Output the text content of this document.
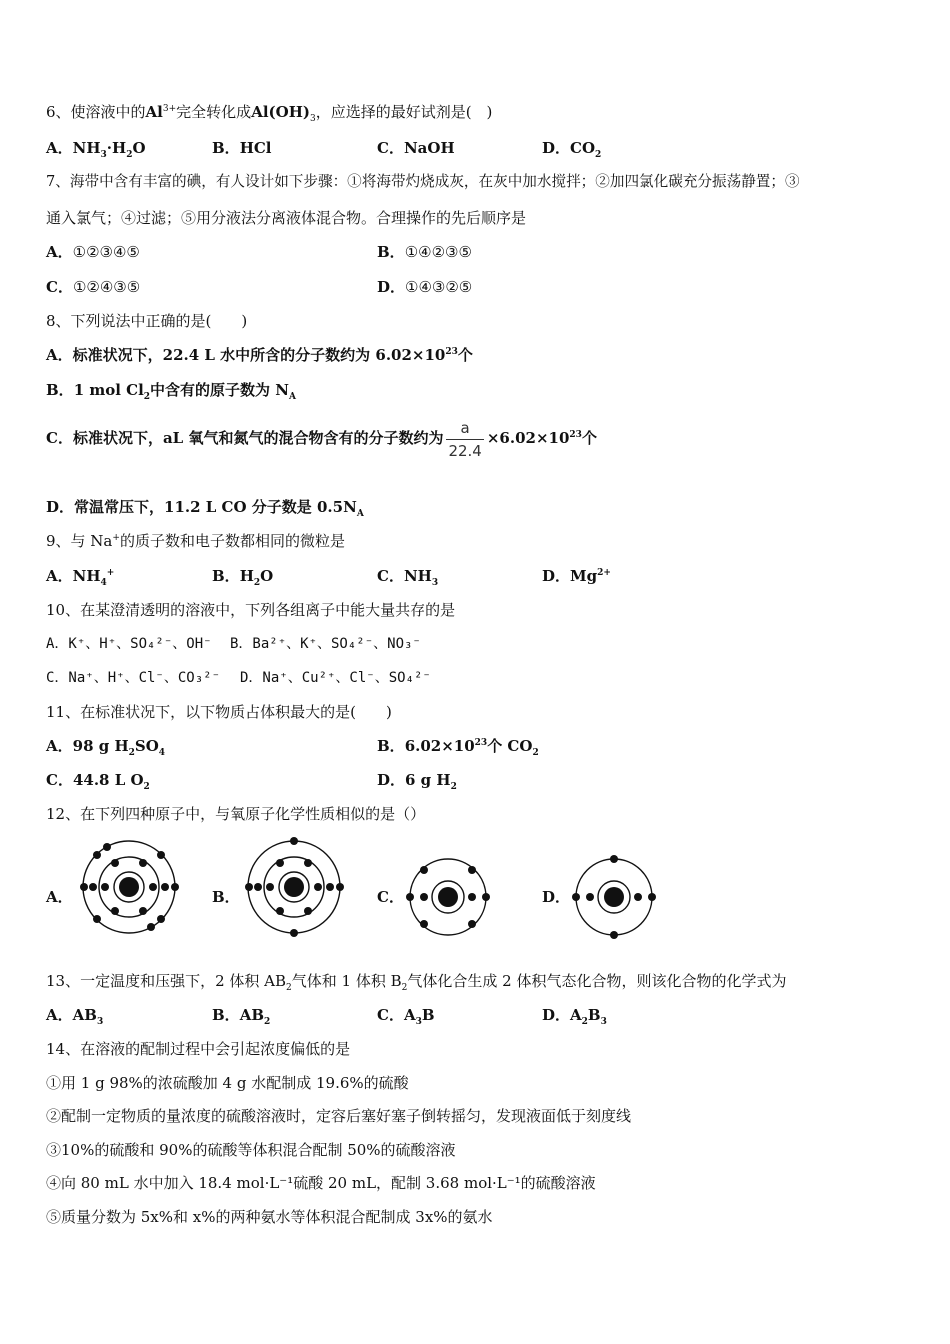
6、使溶液中的$Al^{3+}$完全转化成$Al(OH)_3$，应选择的最好试剂是(　)
A．$NH_3\cdot H_2O$	B．HCl	C．NaOH	D．$CO_2$
7、海带中含有丰富的碘，有人设计如下步骤：①将海带灼烧成灰，在灰中加水搅拌；②加四氯化碳充分振荡静置；③
通入氯气；④过滤；⑤用分液法分离液体混合物。合理操作的先后顺序是
A．①②③④⑤	B．①④②③⑤
C．①②④③⑤	D．①④③②⑤
8、下列说法中正确的是(　　)
A．标准状况下，22.4 L 水中所含的分子数约为 $6.02\times 10^{23}$个
B．1 mol $Cl_2$中含有的原子数为 $N_A$
C．标准状况下，aL 氧气和氮气的混合物含有的分子数约为 $\frac{a}{22.4} \times 6.02\times 10^{23}$个
D．常温常压下，11.2 L CO 分子数是 $0.5N_A$
9、与 Na+的质子数和电子数都相同的微粒是
A．$NH_4^+$	B．$H_2O$	C．$NH_3$	D．$Mg^{2+}$
10、在某澄清透明的溶液中，下列各组离子中能大量共存的是
A．K⁺、H⁺、SO₄²⁻、OH⁻ B．Ba²⁺、K⁺、SO₄²⁻、NO₃⁻
C．Na⁺、H⁺、Cl⁻、CO₃²⁻ D．Na⁺、Cu²⁺、Cl⁻、SO₄²⁻
11、在标准状况下，以下物质占体积最大的是(　　)
A．98 g $H_2SO_4$	B．$6.02\times 10^{23}$个 $CO_2$
C．44.8 L $O_2$	D．6 g $H_2$
12、在下列四种原子中，与氧原子化学性质相似的是（）
A．	B．	C．	D．
13、一定温度和压强下，2 体积 $AB_2$气体和 1 体积 $B_2$气体化合生成 2 体积气态化合物，则该化合物的化学式为
A．$AB_3$	B．$AB_2$	C．$A_3B$	D．$A_2B_3$
14、在溶液的配制过程中会引起浓度偏低的是
①用 1 g 98%的浓硫酸加 4 g 水配制成 19.6%的硫酸
②配制一定物质的量浓度的硫酸溶液时，定容后塞好塞子倒转摇匀，发现液面低于刻度线
③10%的硫酸和 90%的硫酸等体积混合配制 50%的硫酸溶液
④向 80 mL 水中加入 18.4 mol·L⁻¹硫酸 20 mL，配制 3.68 mol·L⁻¹的硫酸溶液
⑤质量分数为 5x%和 x%的两种氨水等体积混合配制成 3x%的氨水
